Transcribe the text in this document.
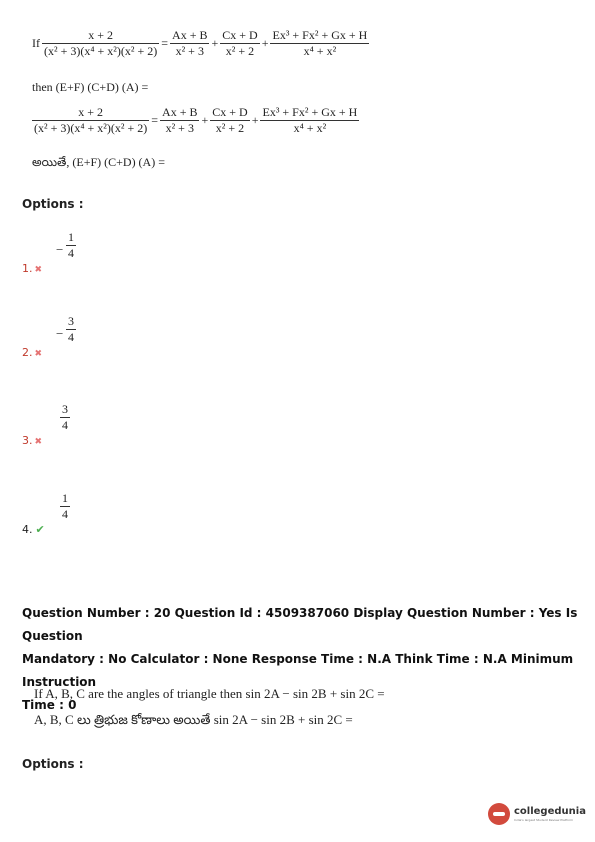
If $\frac{x + 2}{\text{(x² + 3)(x⁴ + x²)(x² + 2)}} = \frac{Ax + B}{\text{x² + 3}} + \frac{Cx + D}{\text{x² + 2}} + \frac{\text{Ex³ + Fx² + Gx + H}}{\text{x⁴ + x²}}$
then (E+F) (C+D) (A) =
$\frac{x + 2}{\text{(x² + 3)(x⁴ + x²)(x² + 2)}} = \frac{Ax + B}{\text{x² + 3}} + \frac{Cx + D}{\text{x² + 2}} + \frac{\text{Ex³ + Fx² + Gx + H}}{\text{x⁴ + x²}}$
అయితే, (E+F) (C+D) (A) =
Options :
−
1
4
1. ✖
−
3
4
2. ✖
3
4
3. ✖
1
4
4. ✔
Question Number : 20 Question Id : 4509387060 Display Question Number : Yes Is Question
Mandatory : No Calculator : None Response Time : N.A Think Time : N.A Minimum Instruction
Time : 0
If A, B, C are the angles of triangle then sin 2A − sin 2B + sin 2C =
A, B, C లు త్రిభుజ కోణాలు అయితే sin 2A − sin 2B + sin 2C =
Options :
collegedunia
India's largest Student Review Platform
